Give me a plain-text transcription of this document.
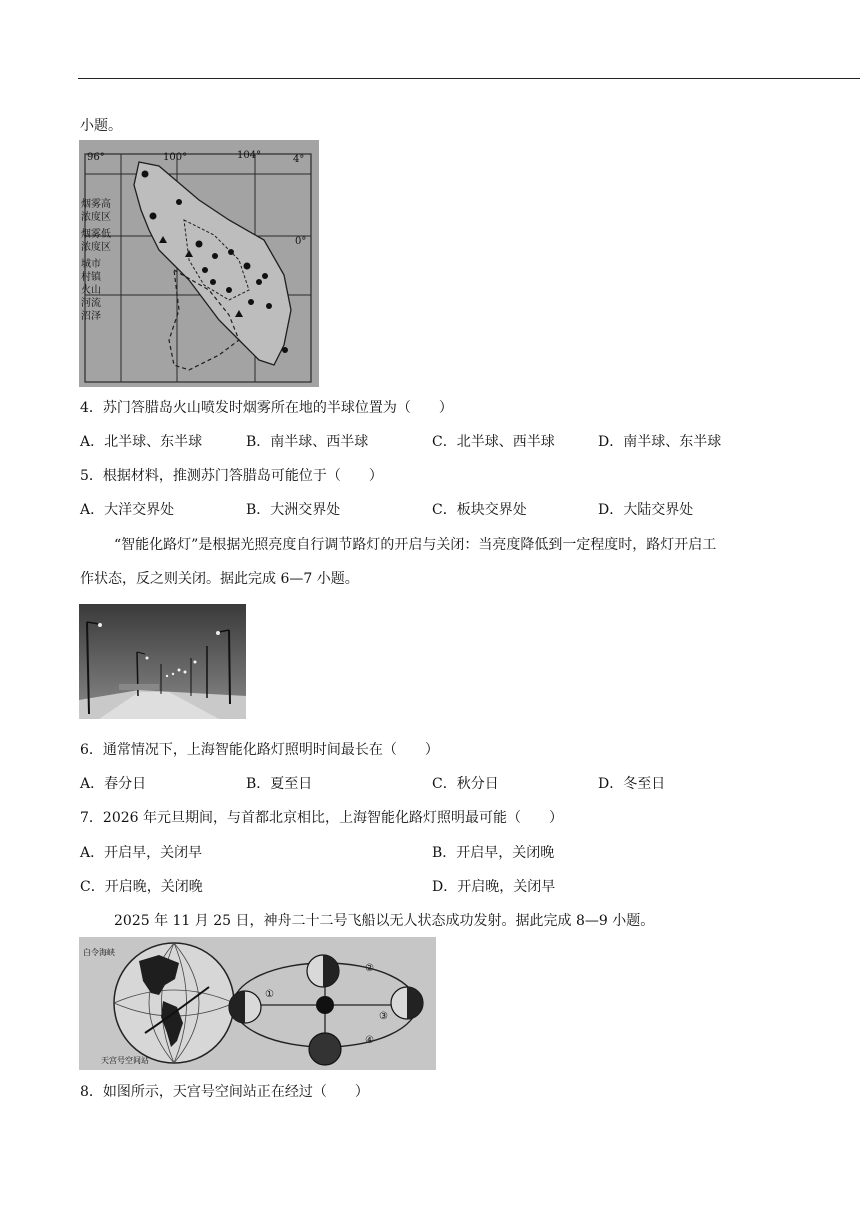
小题。
96°	100°	104°	4°
0°
烟雾高浓度区
烟雾低浓度区
城市
村镇
火山
河流
沼泽
4．苏门答腊岛火山喷发时烟雾所在地的半球位置为（　　）
A．北半球、东半球	B．南半球、西半球	C．北半球、西半球	D．南半球、东半球
5．根据材料，推测苏门答腊岛可能位于（　　）
A．大洋交界处	B．大洲交界处	C．板块交界处	D．大陆交界处
“智能化路灯”是根据光照亮度自行调节路灯的开启与关闭：当亮度降低到一定程度时，路灯开启工
作状态，反之则关闭。据此完成 6—7 小题。
6．通常情况下，上海智能化路灯照明时间最长在（　　）
A．春分日	B．夏至日	C．秋分日	D．冬至日
7．2026 年元旦期间，与首都北京相比，上海智能化路灯照明最可能（　　）
A．开启早，关闭早	B．开启早，关闭晚
C．开启晚，关闭晚	D．开启晚，关闭早
2025 年 11 月 25 日，神舟二十二号飞船以无人状态成功发射。据此完成 8—9 小题。
白令海峡
天宫号空间站
①
②
③
④
8．如图所示，天宫号空间站正在经过（　　）
